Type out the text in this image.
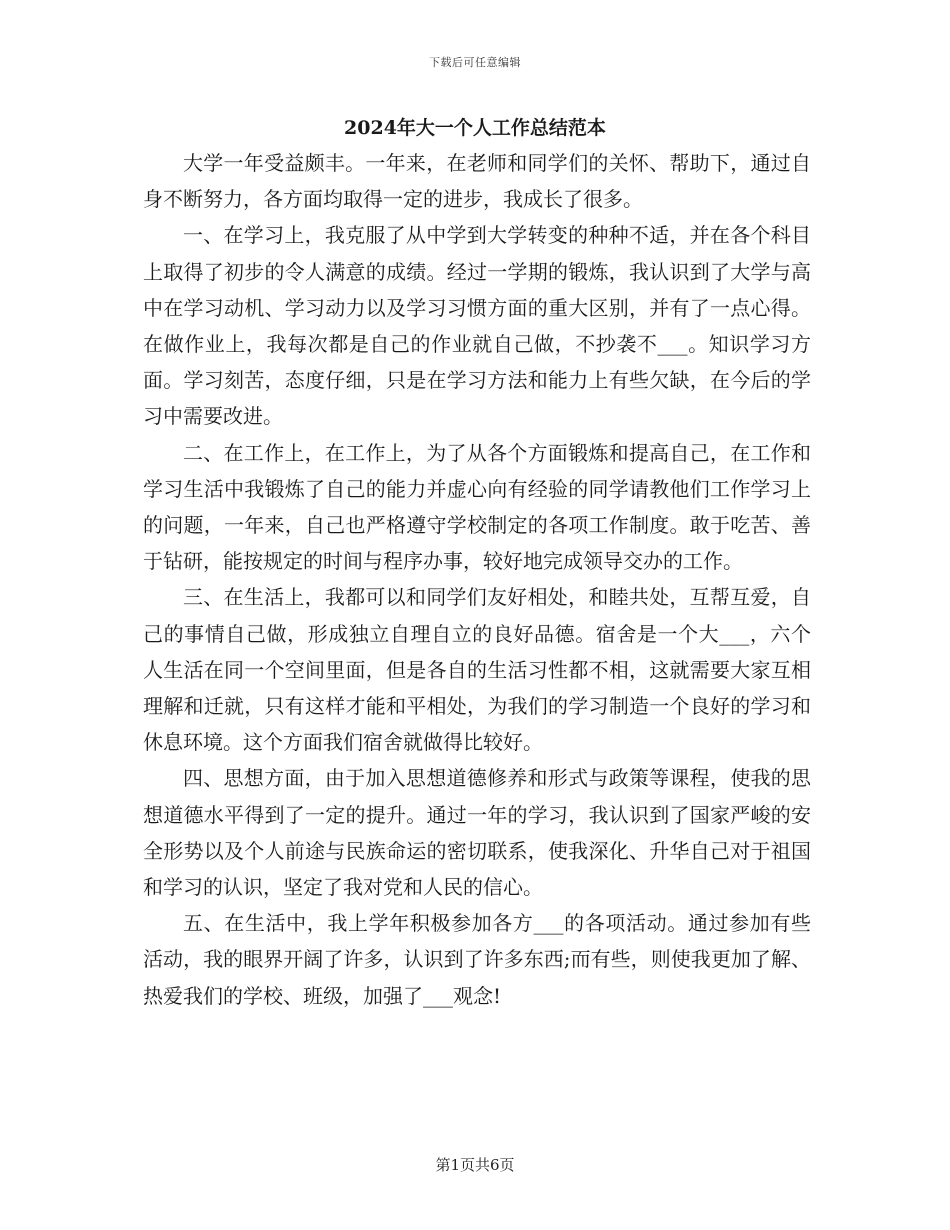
下载后可任意编辑
2024年大一个人工作总结范本

大学一年受益颇丰。一年来，在老师和同学们的关怀、帮助下，通过自身不断努力，各方面均取得一定的进步，我成长了很多。

一、在学习上，我克服了从中学到大学转变的种种不适，并在各个科目上取得了初步的令人满意的成绩。经过一学期的锻炼，我认识到了大学与高中在学习动机、学习动力以及学习习惯方面的重大区别，并有了一点心得。在做作业上，我每次都是自己的作业就自己做，不抄袭不___。知识学习方面。学习刻苦，态度仔细，只是在学习方法和能力上有些欠缺，在今后的学习中需要改进。

二、在工作上，在工作上，为了从各个方面锻炼和提高自己，在工作和学习生活中我锻炼了自己的能力并虚心向有经验的同学请教他们工作学习上的问题，一年来，自己也严格遵守学校制定的各项工作制度。敢于吃苦、善于钻研，能按规定的时间与程序办事，较好地完成领导交办的工作。

三、在生活上，我都可以和同学们友好相处，和睦共处，互帮互爱，自己的事情自己做，形成独立自理自立的良好品德。宿舍是一个大___，六个人生活在同一个空间里面，但是各自的生活习性都不相，这就需要大家互相理解和迁就，只有这样才能和平相处，为我们的学习制造一个良好的学习和休息环境。这个方面我们宿舍就做得比较好。

四、思想方面，由于加入思想道德修养和形式与政策等课程，使我的思想道德水平得到了一定的提升。通过一年的学习，我认识到了国家严峻的安全形势以及个人前途与民族命运的密切联系，使我深化、升华自己对于祖国和学习的认识，坚定了我对党和人民的信心。

五、在生活中，我上学年积极参加各方___的各项活动。通过参加有些活动，我的眼界开阔了许多，认识到了许多东西;而有些，则使我更加了解、热爱我们的学校、班级，加强了___观念!

第1页共6页
